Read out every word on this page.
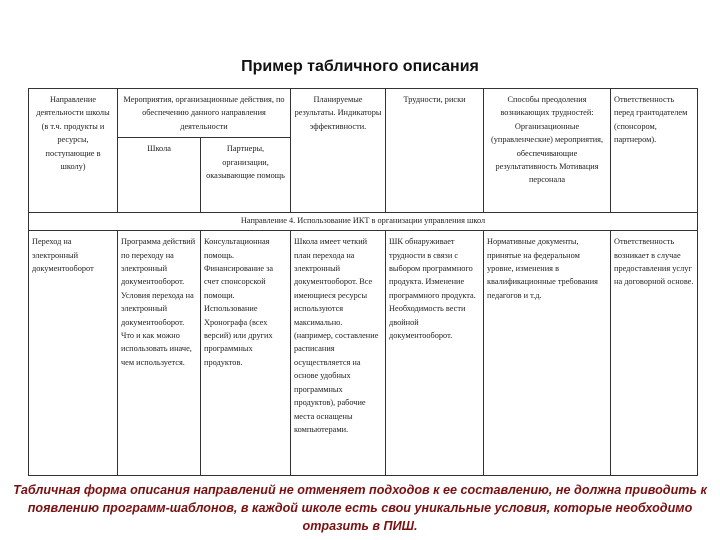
Пример табличного описания
Направление деятельности школы (в т.ч. продукты и ресурсы, поступающие в школу)	Мероприятия, организационные действия, по обеспечению данного направления деятельности		Планируемые результаты. Индикаторы эффективности.	Трудности, риски	Способы преодоления возникающих трудностей: Организационные (управленческие) мероприятия, обеспечивающие результативность Мотивация персонала	Ответственность перед грантодателем (спонсором, партнером).
	Школа	Партнеры, организации, оказывающие помощь				
Направление 4. Использование ИКТ в организации управления школ						
Переход на электронный документооборот	Программа действий по переходу на электронный документооборот. Условия перехода на электронный документооборот. Что и как можно использовать иначе, чем используется.	Консультационная помощь. Финансирование за счет спонсорской помощи. Использование Хронографа (всех версий) или других программных продуктов.	Школа имеет четкий план перехода на электронный документооборот. Все имеющиеся ресурсы используются максимально. (например, составление расписания осуществляется на основе удобных программных продуктов), рабочие места оснащены компьютерами.	ШК обнаруживает трудности в связи с выбором программного продукта. Изменение программного продукта. Необходимость вести двойной документооборот.	Нормативные документы, принятые на федеральном уровне, изменения в квалификационные требования педагогов и т.д.	Ответственность возникает в случае предоставления услуг на договорной основе.
Табличная форма описания направлений не отменяет подходов к ее составлению, не должна приводить к появлению программ-шаблонов, в каждой школе есть свои уникальные условия, которые необходимо отразить в ПИШ.
